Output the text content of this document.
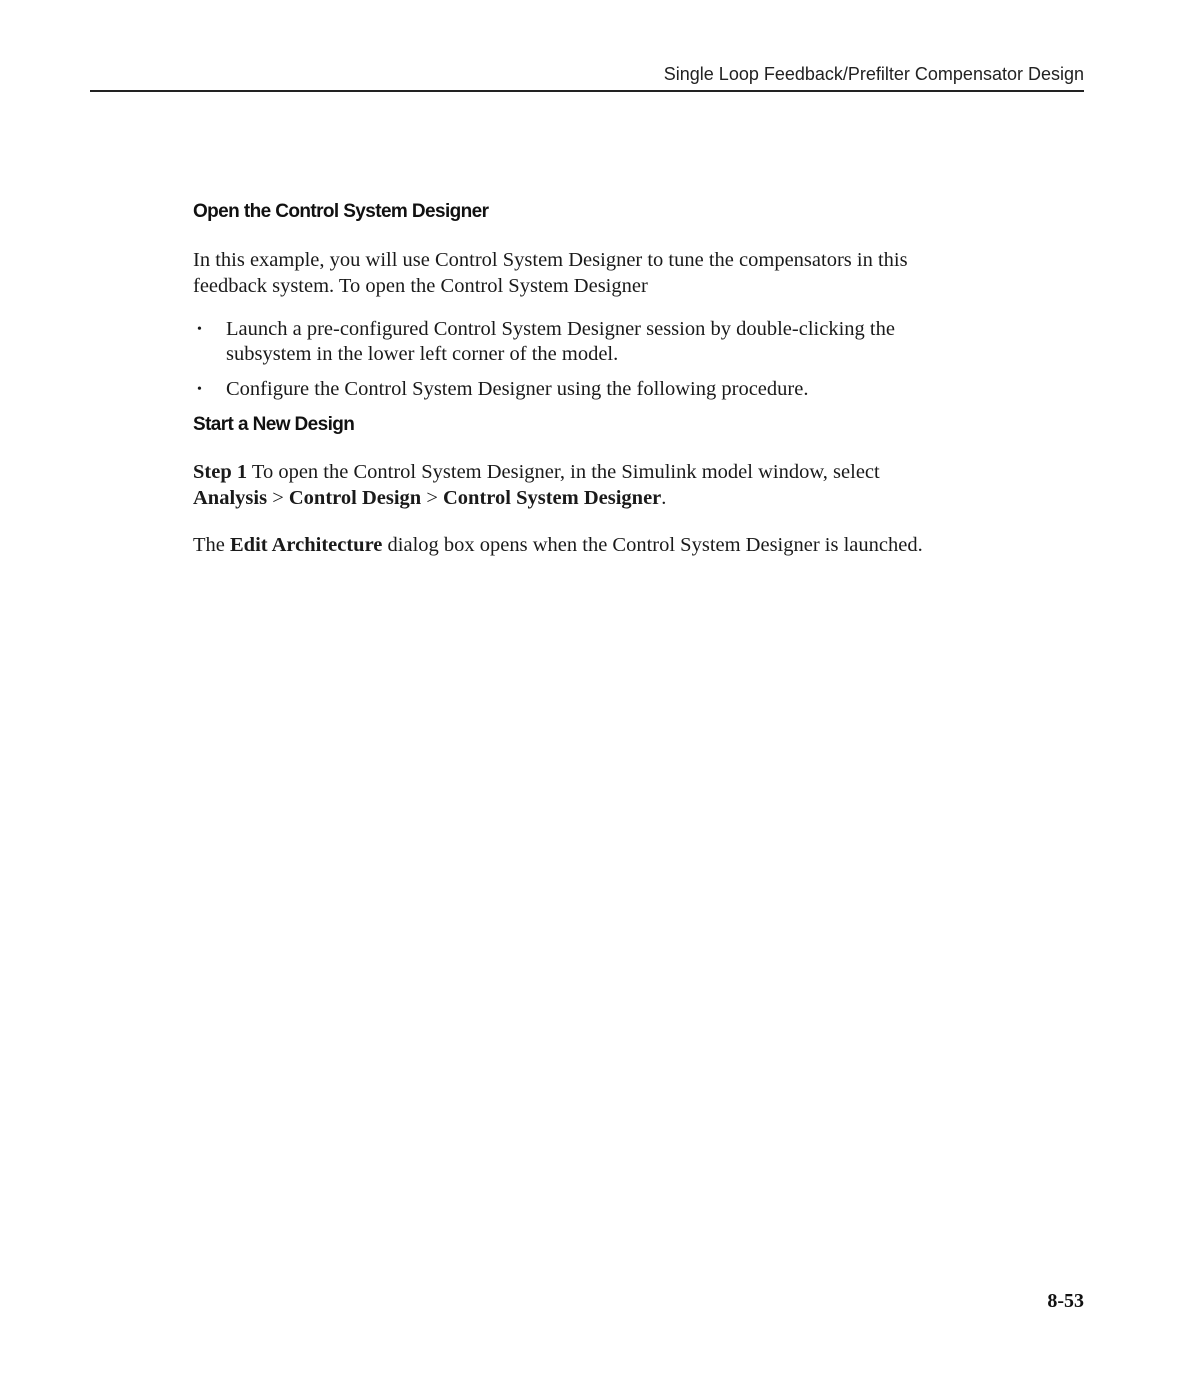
Single Loop Feedback/Prefilter Compensator Design
Open the Control System Designer

In this example, you will use Control System Designer to tune the compensators in this
feedback system. To open the Control System Designer

• Launch a pre-configured Control System Designer session by double-clicking the
subsystem in the lower left corner of the model.
• Configure the Control System Designer using the following procedure.
Start a New Design

Step 1 To open the Control System Designer, in the Simulink model window, select
Analysis > Control Design > Control System Designer.

The Edit Architecture dialog box opens when the Control System Designer is launched.

8-53
